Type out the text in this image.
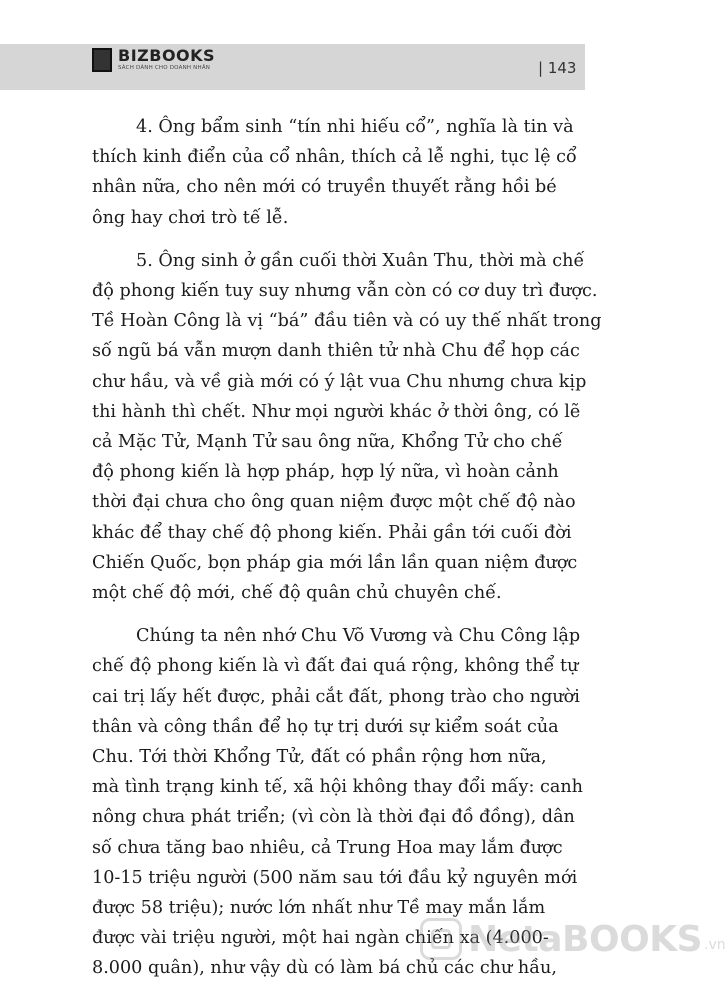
BIZBOOKS
SÁCH DÀNH CHO DOANH NHÂN	| 143
4. Ông bẩm sinh “tín nhi hiếu cổ”, nghĩa là tin và
thích kinh điển của cổ nhân, thích cả lễ nghi, tục lệ cổ
nhân nữa, cho nên mới có truyền thuyết rằng hồi bé
ông hay chơi trò tế lễ.
5. Ông sinh ở gần cuối thời Xuân Thu, thời mà chế
độ phong kiến tuy suy nhưng vẫn còn có cơ duy trì được.
Tề Hoàn Công là vị “bá” đầu tiên và có uy thế nhất trong
số ngũ bá vẫn mượn danh thiên tử nhà Chu để họp các
chư hầu, và về già mới có ý lật vua Chu nhưng chưa kịp
thi hành thì chết. Như mọi người khác ở thời ông, có lẽ
cả Mặc Tử, Mạnh Tử sau ông nữa, Khổng Tử cho chế
độ phong kiến là hợp pháp, hợp lý nữa, vì hoàn cảnh
thời đại chưa cho ông quan niệm được một chế độ nào
khác để thay chế độ phong kiến. Phải gần tới cuối đời
Chiến Quốc, bọn pháp gia mới lần lần quan niệm được
một chế độ mới, chế độ quân chủ chuyên chế.
Chúng ta nên nhớ Chu Võ Vương và Chu Công lập
chế độ phong kiến là vì đất đai quá rộng, không thể tự
cai trị lấy hết được, phải cắt đất, phong trào cho người
thân và công thần để họ tự trị dưới sự kiểm soát của
Chu. Tới thời Khổng Tử, đất có phần rộng hơn nữa,
mà tình trạng kinh tế, xã hội không thay đổi mấy: canh
nông chưa phát triển; (vì còn là thời đại đồ đồng), dân
số chưa tăng bao nhiêu, cả Trung Hoa may lắm được
10-15 triệu người (500 năm sau tới đầu kỷ nguyên mới
được 58 triệu); nước lớn nhất như Tề may mắn lắm
được vài triệu người, một hai ngàn chiến xa (4.000-
8.000 quân), như vậy dù có làm bá chủ các chư hầu,
NetaBOOKS .vn
